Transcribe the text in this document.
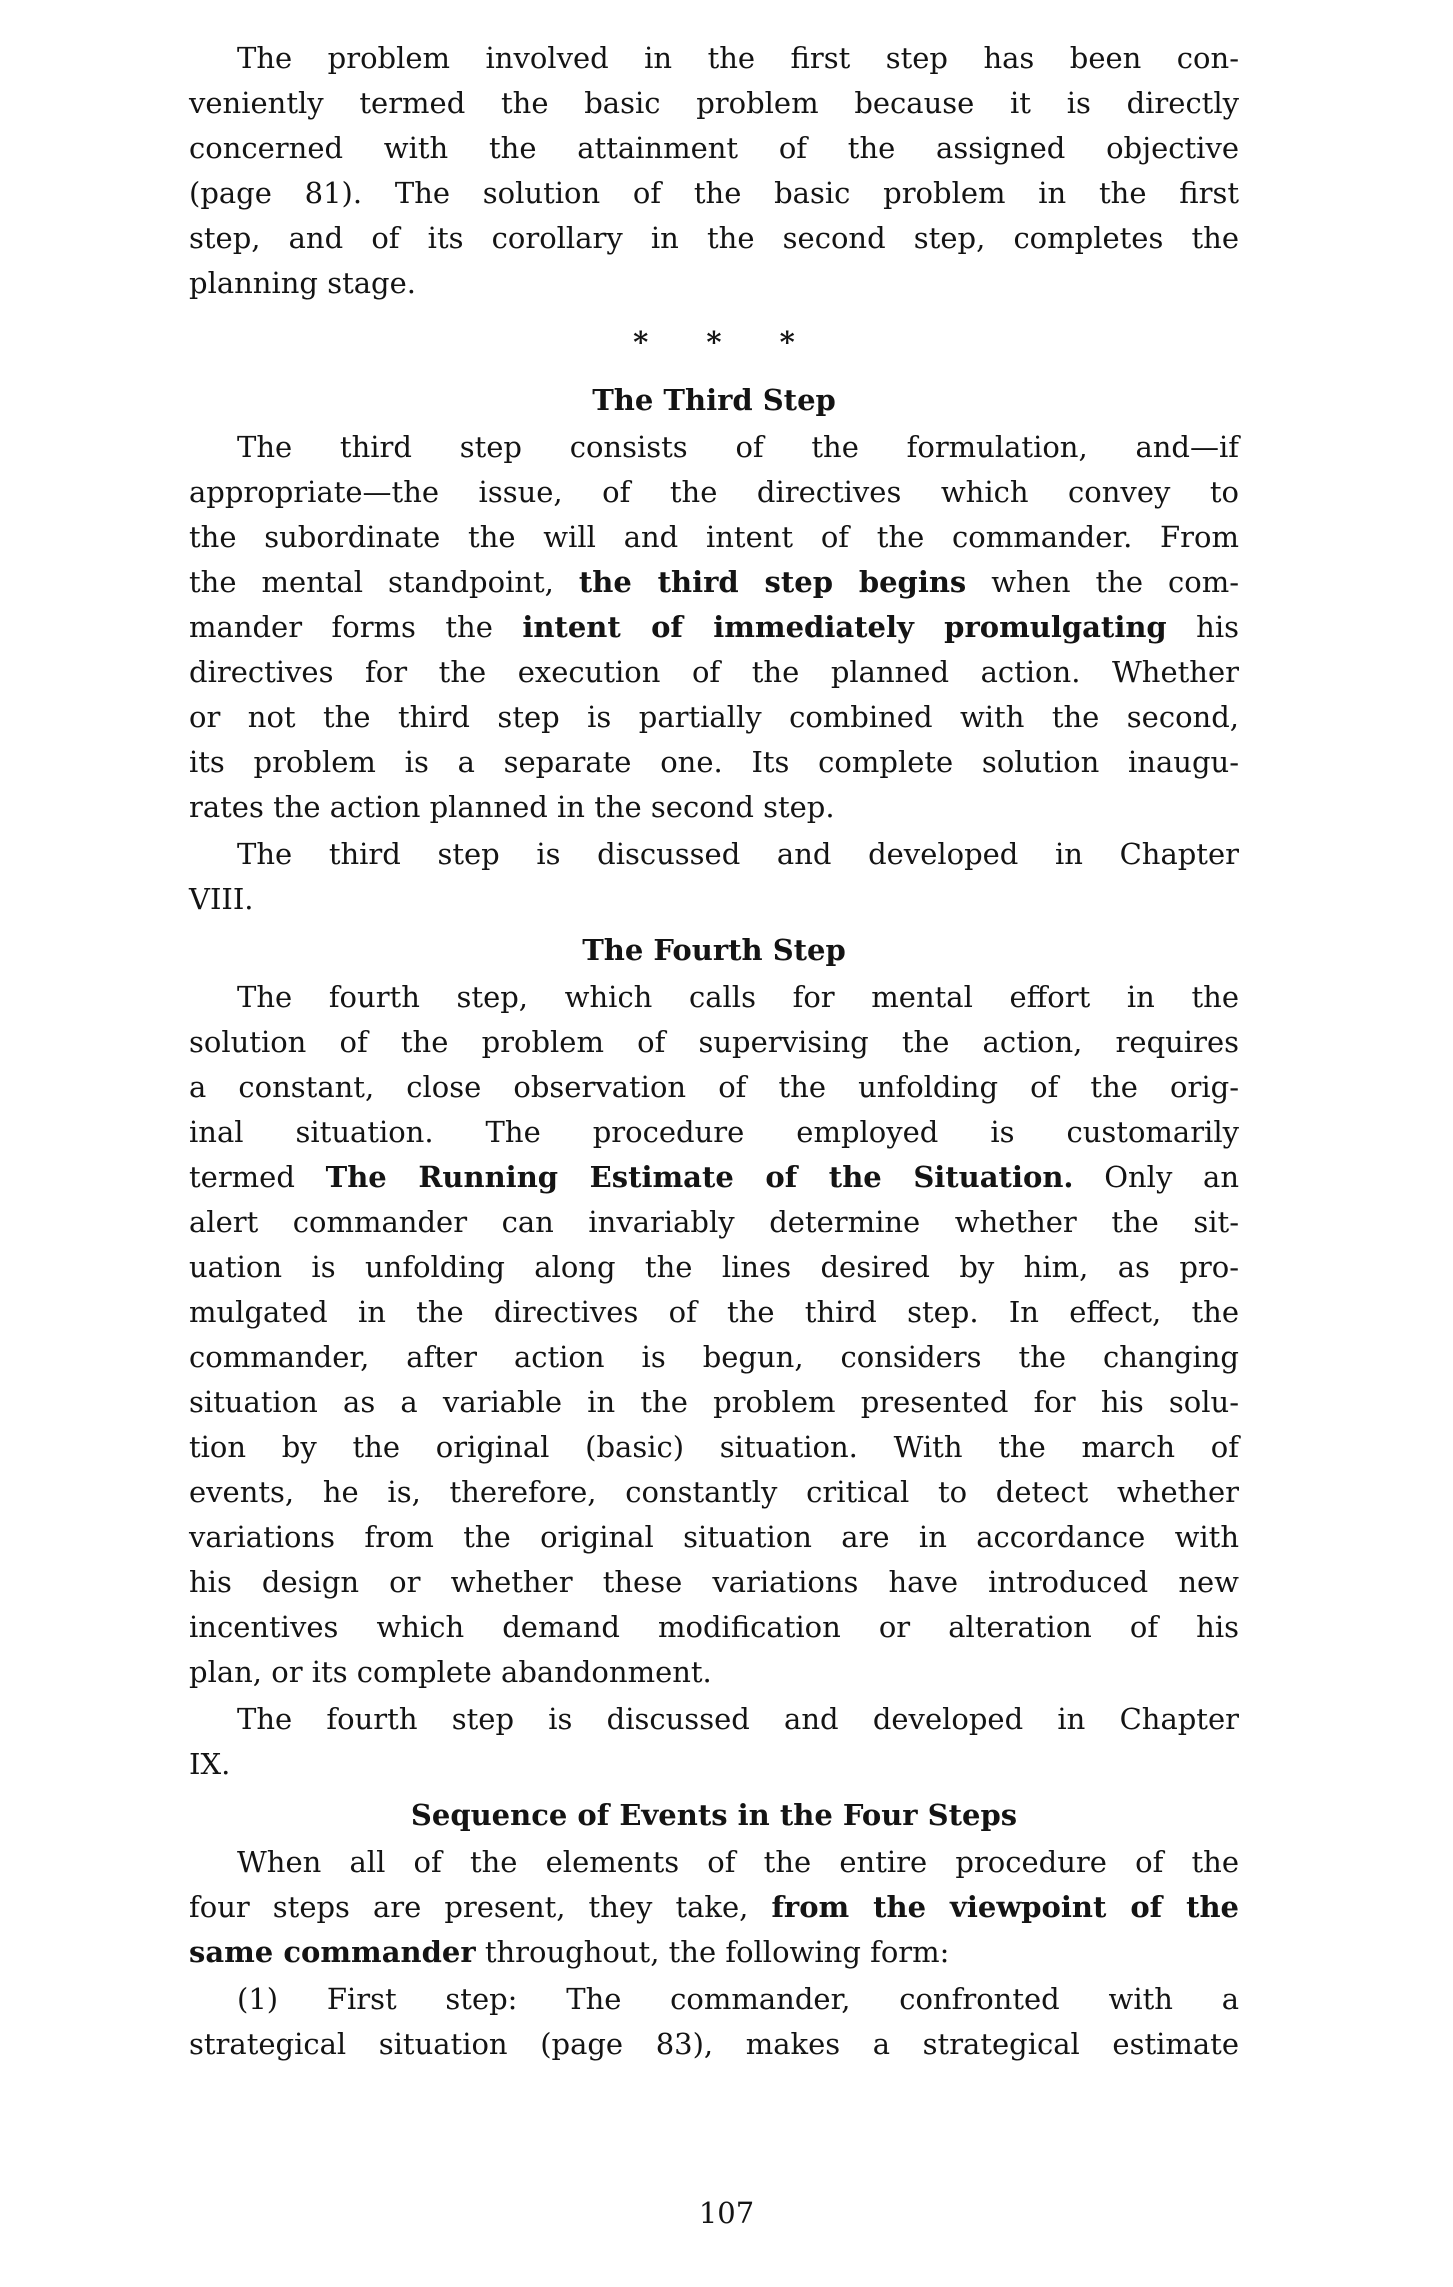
The problem involved in the first step has been con-
veniently termed the basic problem because it is directly
concerned with the attainment of the assigned objective
(page 81). The solution of the basic problem in the first
step, and of its corollary in the second step, completes the
planning stage.
* * *
The Third Step
The third step consists of the formulation, and—if
appropriate—the issue, of the directives which convey to
the subordinate the will and intent of the commander. From
the mental standpoint, the third step begins when the com-
mander forms the intent of immediately promulgating his
directives for the execution of the planned action. Whether
or not the third step is partially combined with the second,
its problem is a separate one. Its complete solution inaugu-
rates the action planned in the second step.
The third step is discussed and developed in Chapter
VIII.
The Fourth Step
The fourth step, which calls for mental effort in the
solution of the problem of supervising the action, requires
a constant, close observation of the unfolding of the orig-
inal situation. The procedure employed is customarily
termed The Running Estimate of the Situation. Only an
alert commander can invariably determine whether the sit-
uation is unfolding along the lines desired by him, as pro-
mulgated in the directives of the third step. In effect, the
commander, after action is begun, considers the changing
situation as a variable in the problem presented for his solu-
tion by the original (basic) situation. With the march of
events, he is, therefore, constantly critical to detect whether
variations from the original situation are in accordance with
his design or whether these variations have introduced new
incentives which demand modification or alteration of his
plan, or its complete abandonment.
The fourth step is discussed and developed in Chapter
IX.
Sequence of Events in the Four Steps
When all of the elements of the entire procedure of the
four steps are present, they take, from the viewpoint of the
same commander throughout, the following form:
(1) First step: The commander, confronted with a
strategical situation (page 83), makes a strategical estimate
107
